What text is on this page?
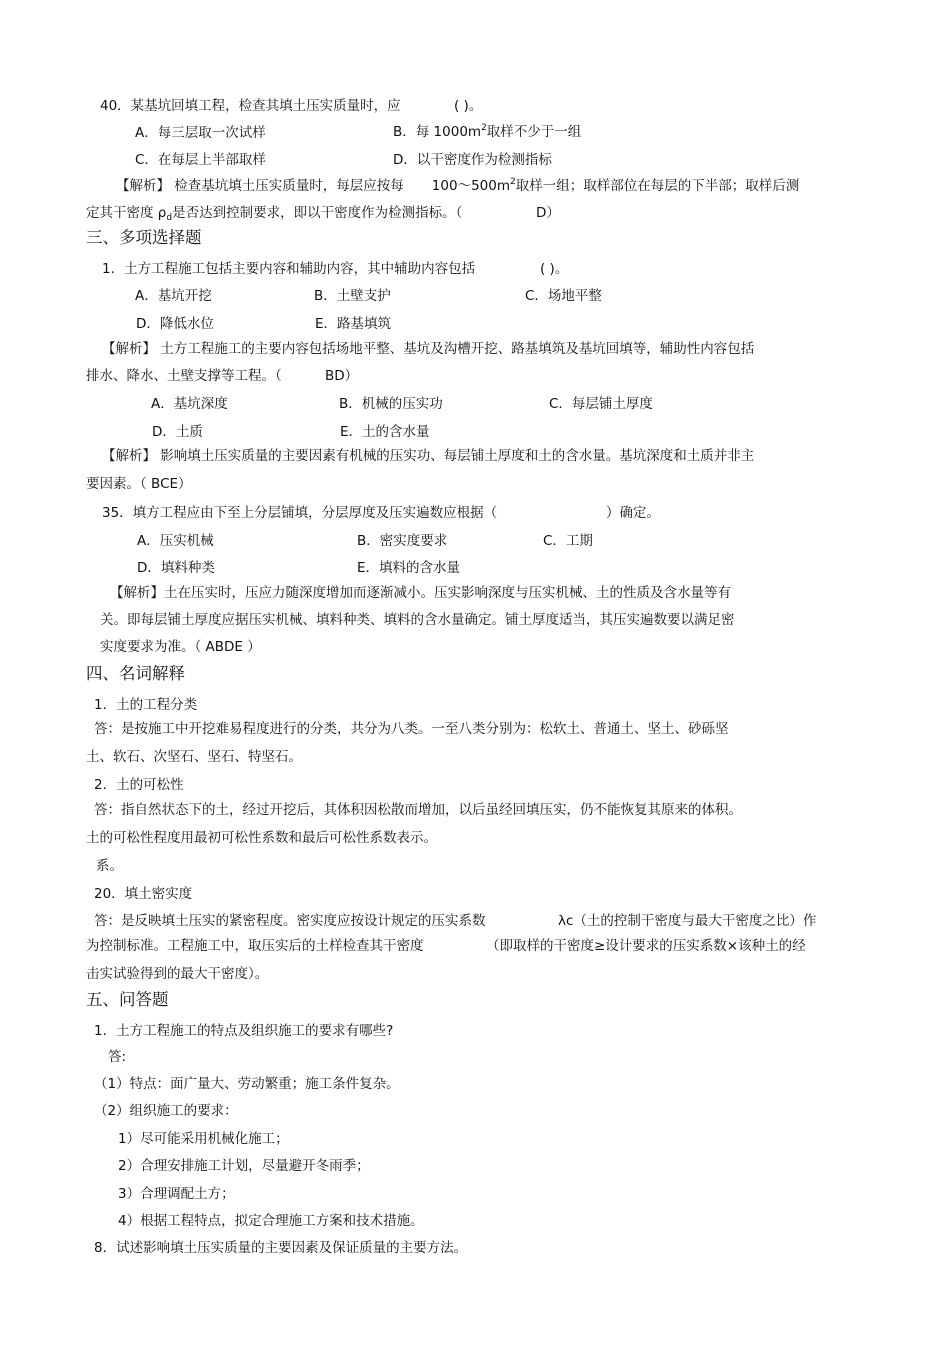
40．某基坑回填工程，检查其填土压实质量时，应	( )。
A．每三层取一次试样	B．每 $1000m^2$取样不少于一组
C．在每层上半部取样	D．以干密度作为检测指标
【解析】 检查基坑填土压实质量时，每层应按每 $100\sim 500m^2$取样一组；取样部位在每层的下半部；取样后测
定其干密度 $\rho_d$是否达到控制要求，即以干密度作为检测指标。（	D）
三、多项选择题
1．土方工程施工包括主要内容和辅助内容，其中辅助内容包括	( )。
A．基坑开挖	B．土壁支护	C．场地平整
D．降低水位	E．路基填筑
【解析】 土方工程施工的主要内容包括场地平整、基坑及沟槽开挖、路基填筑及基坑回填等，辅助性内容包括
排水、降水、土壁支撑等工程。（	BD）
A．基坑深度	B．机械的压实功	C．每层铺土厚度
D．土质	E．土的含水量
【解析】 影响填土压实质量的主要因素有机械的压实功、每层铺土厚度和土的含水量。基坑深度和土质并非主
要因素。（ BCE）
35．填方工程应由下至上分层铺填，分层厚度及压实遍数应根据（	）确定。
A．压实机械	B．密实度要求	C．工期
D．填料种类	E．填料的含水量
【解析】土在压实时，压应力随深度增加而逐渐减小。压实影响深度与压实机械、土的性质及含水量等有
关。即每层铺土厚度应据压实机械、填料种类、填料的含水量确定。铺土厚度适当，其压实遍数要以满足密
实度要求为准。（ ABDE ）
四、名词解释
1．土的工程分类
答：是按施工中开挖难易程度进行的分类，共分为八类。一至八类分别为：松软土、普通土、坚土、砂砾坚
土、软石、次坚石、坚石、特坚石。
2．土的可松性
答：指自然状态下的土，经过开挖后，其体积因松散而增加，以后虽经回填压实，仍不能恢复其原来的体积。
土的可松性程度用最初可松性系数和最后可松性系数表示。
系。
20．填土密实度
答：是反映填土压实的紧密程度。密实度应按设计规定的压实系数	λc（土的控制干密度与最大干密度之比）作
为控制标准。工程施工中，取压实后的土样检查其干密度	（即取样的干密度≥设计要求的压实系数×该种土的经
击实试验得到的最大干密度）。
五、问答题
1．土方工程施工的特点及组织施工的要求有哪些?
答:
（1）特点：面广量大、劳动繁重；施工条件复杂。
（2）组织施工的要求：
1）尽可能采用机械化施工；
2）合理安排施工计划，尽量避开冬雨季；
3）合理调配土方；
4）根据工程特点，拟定合理施工方案和技术措施。
8．试述影响填土压实质量的主要因素及保证质量的主要方法。
